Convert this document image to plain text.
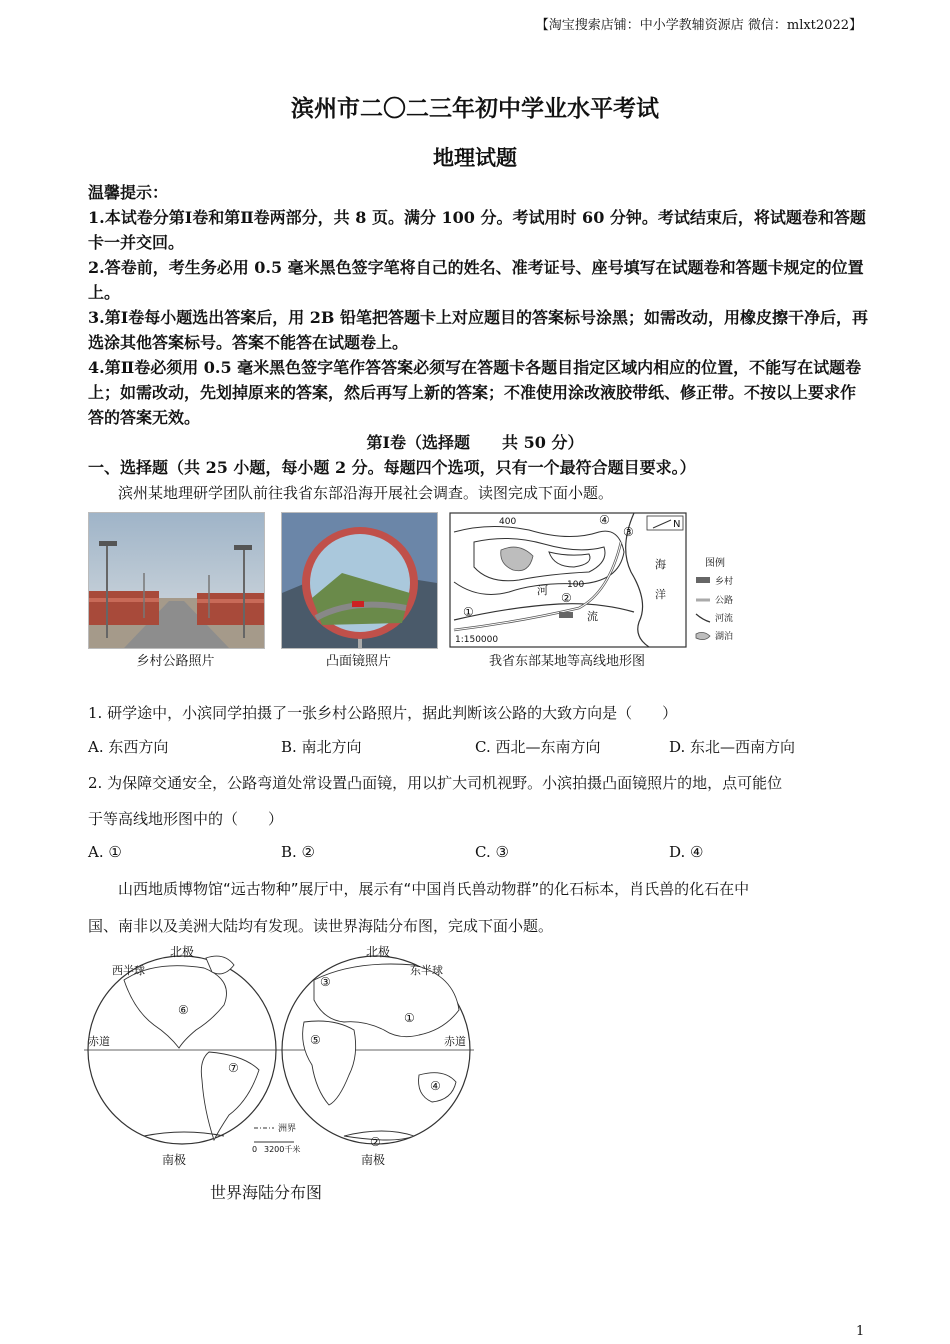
【淘宝搜索店铺：中小学教辅资源店 微信：mlxt2022】
滨州市二〇二三年初中学业水平考试
地理试题

温馨提示：

1.本试卷分第Ⅰ卷和第Ⅱ卷两部分，共 8 页。满分 100 分。考试用时 60 分钟。考试结束后，将试题卷和答题卡一并交回。

2.答卷前，考生务必用 0.5 毫米黑色签字笔将自己的姓名、准考证号、座号填写在试题卷和答题卡规定的位置上。

3.第Ⅰ卷每小题选出答案后，用 2B 铅笔把答题卡上对应题目的答案标号涂黑；如需改动，用橡皮擦干净后，再选涂其他答案标号。答案不能答在试题卷上。

4.第Ⅱ卷必须用 0.5 毫米黑色签字笔作答答案必须写在答题卡各题目指定区域内相应的位置，不能写在试题卷上；如需改动，先划掉原来的答案，然后再写上新的答案；不准使用涂改液胶带纸、修正带。不按以上要求作答的答案无效。

第Ⅰ卷（选择题　　共 50 分）
一、选择题（共 25 小题，每小题 2 分。每题四个选项，只有一个最符合题目要求。）
滨州某地理研学团队前往我省东部沿海开展社会调查。读图完成下面小题。
乡村公路照片	凸面镜照片
N
400
100
④
③
②
①
海
洋
河
流
1:150000
图例
乡村
公路
河流
湖泊
我省东部某地等高线地形图
1. 研学途中，小滨同学拍摄了一张乡村公路照片，据此判断该公路的大致方向是（　　）
A. 东西方向	B. 南北方向	C. 西北—东南方向	D. 东北—西南方向
2. 为保障交通安全，公路弯道处常设置凸面镜，用以扩大司机视野。小滨拍摄凸面镜照片的地，点可能位
于等高线地形图中的（　　）
A. ①	B. ②	C. ③	D. ④
山西地质博物馆“远古物种”展厅中，展示有“中国肖氏兽动物群”的化石标本，肖氏兽的化石在中
国、南非以及美洲大陆均有发现。读世界海陆分布图，完成下面小题。
北极	北极
西半球	东半球
赤道	赤道
南极	南极
⑥
⑦
③
①
⑤
④
②
洲界
0 3200千米
世界海陆分布图
1
